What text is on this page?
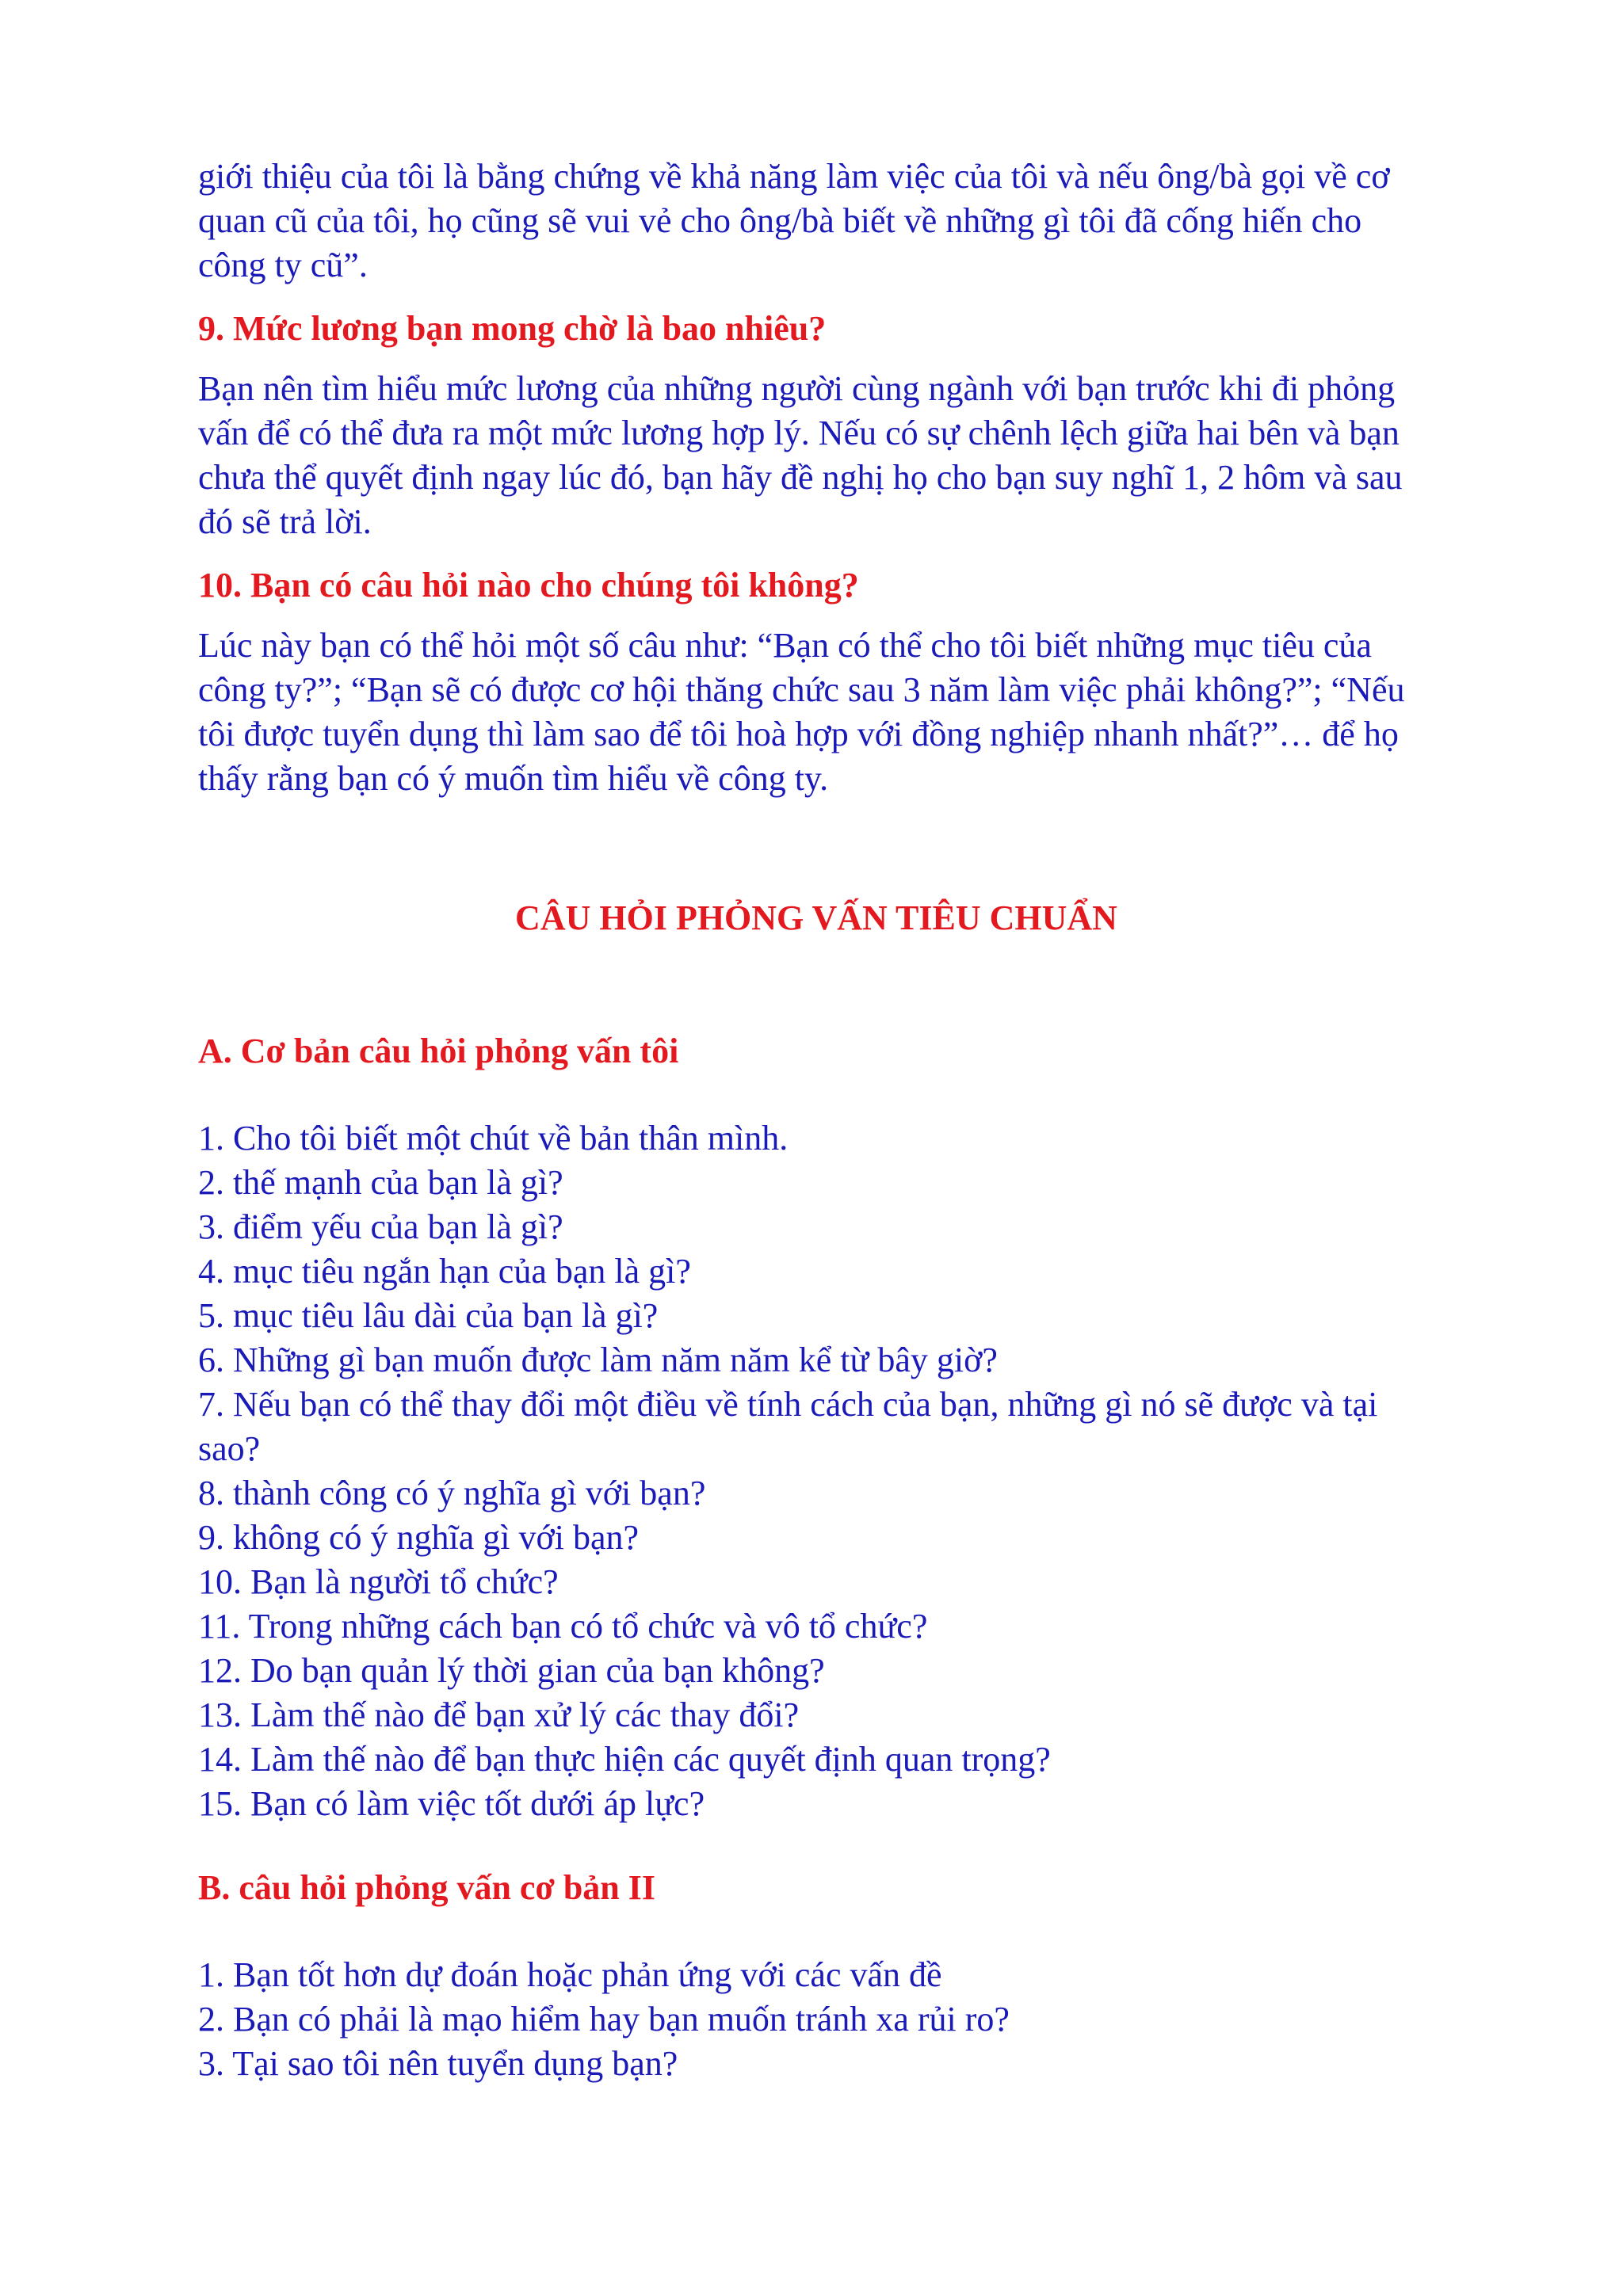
giới thiệu của tôi là bằng chứng về khả năng làm việc của tôi và nếu ông/bà gọi về cơ quan cũ của tôi, họ cũng sẽ vui vẻ cho ông/bà biết về những gì tôi đã cống hiến cho công ty cũ”.

9. Mức lương bạn mong chờ là bao nhiêu?

Bạn nên tìm hiểu mức lương của những người cùng ngành với bạn trước khi đi phỏng vấn để có thể đưa ra một mức lương hợp lý. Nếu có sự chênh lệch giữa hai bên và bạn chưa thể quyết định ngay lúc đó, bạn hãy đề nghị họ cho bạn suy nghĩ 1, 2 hôm và sau đó sẽ trả lời.

10. Bạn có câu hỏi nào cho chúng tôi không?

Lúc này bạn có thể hỏi một số câu như: “Bạn có thể cho tôi biết những mục tiêu của công ty?”; “Bạn sẽ có được cơ hội thăng chức sau 3 năm làm việc phải không?”; “Nếu tôi được tuyển dụng thì làm sao để tôi hoà hợp với đồng nghiệp nhanh nhất?”… để họ thấy rằng bạn có ý muốn tìm hiểu về công ty.

CÂU HỎI PHỎNG VẤN TIÊU CHUẨN
A. Cơ bản câu hỏi phỏng vấn tôi
1. Cho tôi biết một chút về bản thân mình.
2. thế mạnh của bạn là gì?
3. điểm yếu của bạn là gì?
4. mục tiêu ngắn hạn của bạn là gì?
5. mục tiêu lâu dài của bạn là gì?
6. Những gì bạn muốn được làm năm năm kể từ bây giờ?
7. Nếu bạn có thể thay đổi một điều về tính cách của bạn, những gì nó sẽ được và tại sao?
8. thành công có ý nghĩa gì với bạn?
9. không có ý nghĩa gì với bạn?
10. Bạn là người tổ chức?
11. Trong những cách bạn có tổ chức và vô tổ chức?
12. Do bạn quản lý thời gian của bạn không?
13. Làm thế nào để bạn xử lý các thay đổi?
14. Làm thế nào để bạn thực hiện các quyết định quan trọng?
15. Bạn có làm việc tốt dưới áp lực?
B. câu hỏi phỏng vấn cơ bản II
1. Bạn tốt hơn dự đoán hoặc phản ứng với các vấn đề
2. Bạn có phải là mạo hiểm hay bạn muốn tránh xa rủi ro?
3. Tại sao tôi nên tuyển dụng bạn?
